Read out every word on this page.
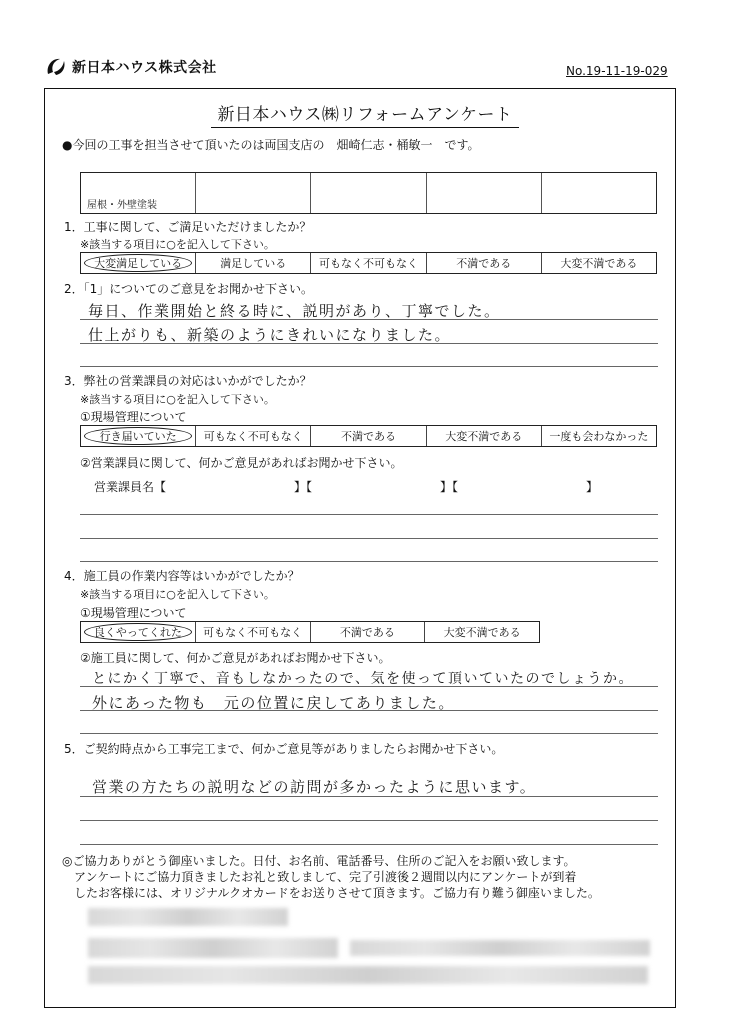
新日本ハウス株式会社	No.19-11-19-029
新日本ハウス㈱リフォームアンケート
●今回の工事を担当させて頂いたのは両国支店の　畑崎仁志・桶敏一　です。
屋根・外壁塗装
1．工事に関して、ご満足いただけましたか？
※該当する項目に○を記入して下さい。
大変満足している	満足している	可もなく不可もなく	不満である	大変不満である
2．「1」についてのご意見をお聞かせ下さい。
毎日、作業開始と終る時に、説明があり、丁寧でした。
仕上がりも、新築のようにきれいになりました。
3．弊社の営業課員の対応はいかがでしたか？
※該当する項目に○を記入して下さい。
①現場管理について
行き届いていた	可もなく不可もなく	不満である	大変不満である	一度も会わなかった
②営業課員に関して、何かご意見があればお聞かせ下さい。
営業課員名【	】【	】【	】
4．施工員の作業内容等はいかがでしたか？
※該当する項目に○を記入して下さい。
①現場管理について
良くやってくれた	可もなく不可もなく	不満である	大変不満である
②施工員に関して、何かご意見があればお聞かせ下さい。
とにかく丁寧で、音もしなかったので、気を使って頂いていたのでしょうか。
外にあった物も　元の位置に戻してありました。
5．ご契約時点から工事完工まで、何かご意見等がありましたらお聞かせ下さい。
営業の方たちの説明などの訪問が多かったように思います。
◎ご協力ありがとう御座いました。日付、お名前、電話番号、住所のご記入をお願い致します。
アンケートにご協力頂きましたお礼と致しまして、完了引渡後２週間以内にアンケートが到着
したお客様には、オリジナルクオカードをお送りさせて頂きます。ご協力有り難う御座いました。
